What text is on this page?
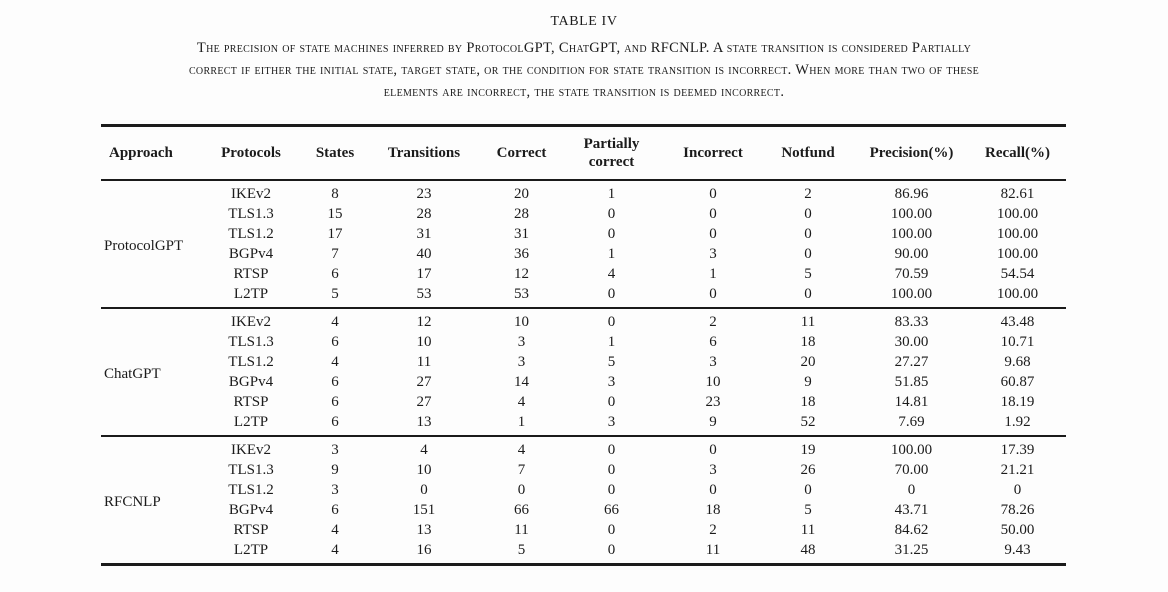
TABLE IV
The precision of state machines inferred by ProtocolGPT, ChatGPT, and RFCNLP. A state transition is considered Partially
correct if either the initial state, target state, or the condition for state transition is incorrect. When more than two of these
elements are incorrect, the state transition is deemed incorrect.
Approach	Protocols	States	Transitions	Correct	Partially correct	Incorrect	Notfund	Precision(%)	Recall(%)
ProtocolGPT	IKEv2	8	23	20	1	0	2	86.96	82.61
	TLS1.3	15	28	28	0	0	0	100.00	100.00
	TLS1.2	17	31	31	0	0	0	100.00	100.00
	BGPv4	7	40	36	1	3	0	90.00	100.00
	RTSP	6	17	12	4	1	5	70.59	54.54
	L2TP	5	53	53	0	0	0	100.00	100.00
ChatGPT	IKEv2	4	12	10	0	2	11	83.33	43.48
	TLS1.3	6	10	3	1	6	18	30.00	10.71
	TLS1.2	4	11	3	5	3	20	27.27	9.68
	BGPv4	6	27	14	3	10	9	51.85	60.87
	RTSP	6	27	4	0	23	18	14.81	18.19
	L2TP	6	13	1	3	9	52	7.69	1.92
RFCNLP	IKEv2	3	4	4	0	0	19	100.00	17.39
	TLS1.3	9	10	7	0	3	26	70.00	21.21
	TLS1.2	3	0	0	0	0	0	0	0
	BGPv4	6	151	66	66	18	5	43.71	78.26
	RTSP	4	13	11	0	2	11	84.62	50.00
	L2TP	4	16	5	0	11	48	31.25	9.43
